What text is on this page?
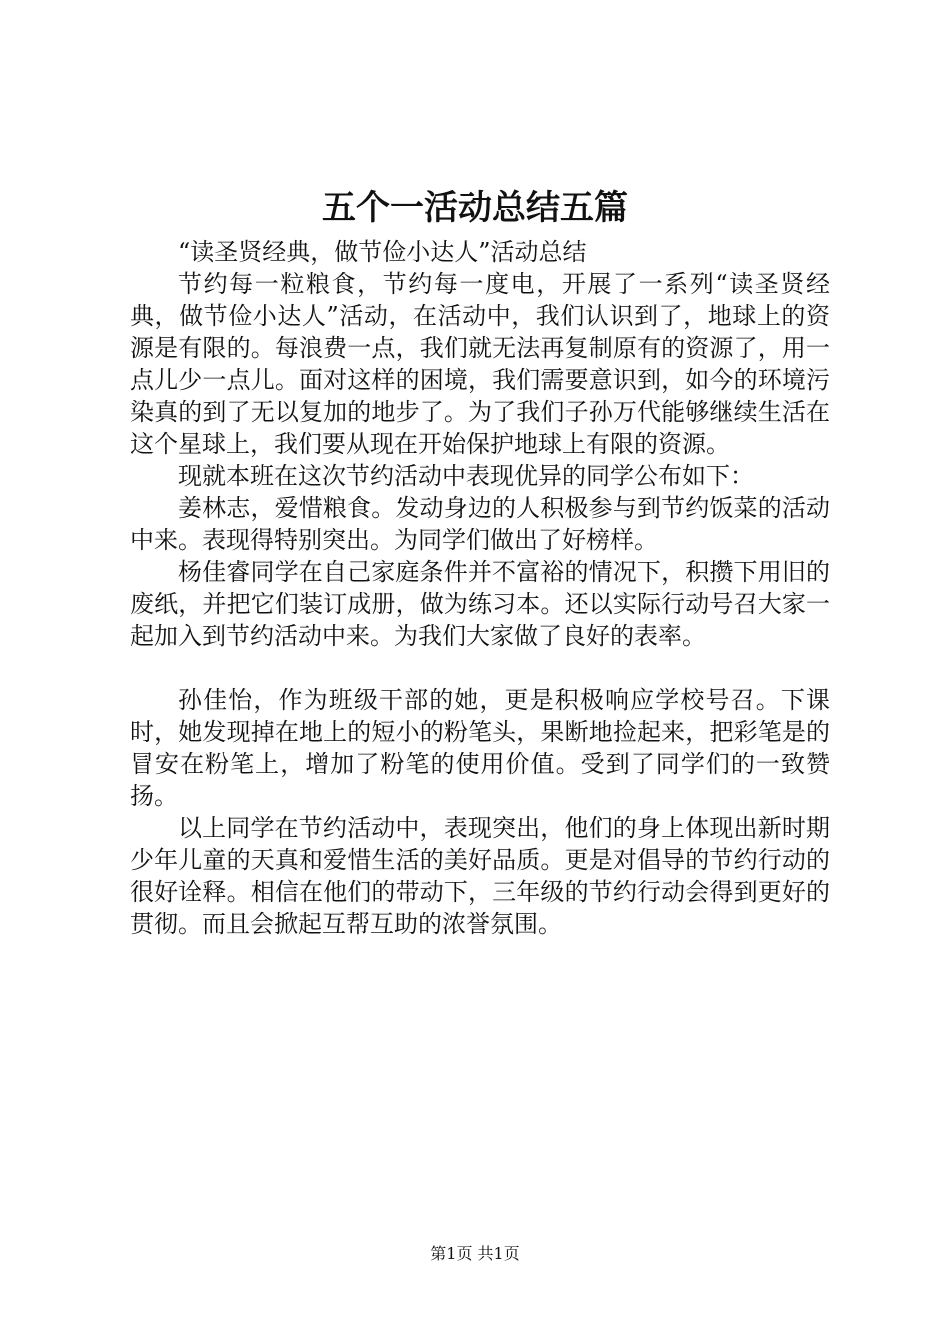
五个一活动总结五篇

“读圣贤经典，做节俭小达人”活动总结

节约每一粒粮食，节约每一度电，开展了一系列“读圣贤经典，做节俭小达人”活动，在活动中，我们认识到了，地球上的资源是有限的。每浪费一点，我们就无法再复制原有的资源了，用一点儿少一点儿。面对这样的困境，我们需要意识到，如今的环境污染真的到了无以复加的地步了。为了我们子孙万代能够继续生活在这个星球上，我们要从现在开始保护地球上有限的资源。

现就本班在这次节约活动中表现优异的同学公布如下：

姜林志，爱惜粮食。发动身边的人积极参与到节约饭菜的活动中来。表现得特别突出。为同学们做出了好榜样。

杨佳睿同学在自己家庭条件并不富裕的情况下，积攒下用旧的废纸，并把它们装订成册，做为练习本。还以实际行动号召大家一起加入到节约活动中来。为我们大家做了良好的表率。

孙佳怡，作为班级干部的她，更是积极响应学校号召。下课时，她发现掉在地上的短小的粉笔头，果断地捡起来，把彩笔是的冒安在粉笔上，增加了粉笔的使用价值。受到了同学们的一致赞扬。

以上同学在节约活动中，表现突出，他们的身上体现出新时期少年儿童的天真和爱惜生活的美好品质。更是对倡导的节约行动的很好诠释。相信在他们的带动下，三年级的节约行动会得到更好的贯彻。而且会掀起互帮互助的浓誉氛围。

第1页 共1页
